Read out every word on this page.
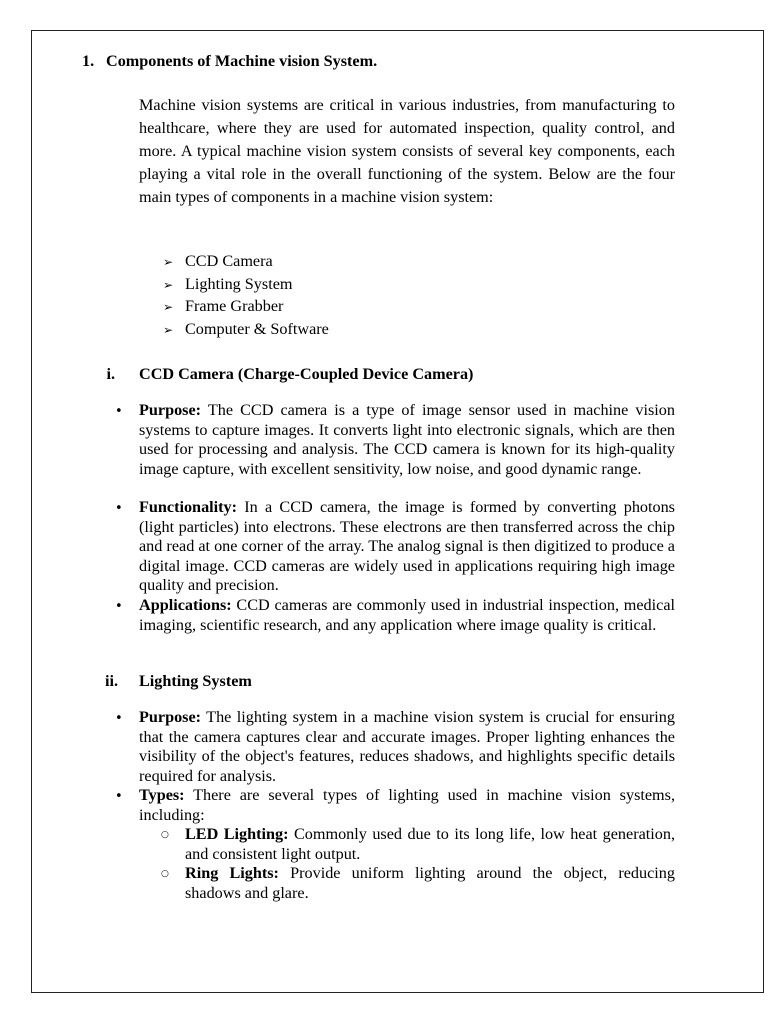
1. Components of Machine vision System.
Machine vision systems are critical in various industries, from manufacturing to healthcare, where they are used for automated inspection, quality control, and more. A typical machine vision system consists of several key components, each playing a vital role in the overall functioning of the system. Below are the four main types of components in a machine vision system:
➢ CCD Camera
➢ Lighting System
➢ Frame Grabber
➢ Computer & Software
i. CCD Camera (Charge-Coupled Device Camera)
• Purpose: The CCD camera is a type of image sensor used in machine vision systems to capture images. It converts light into electronic signals, which are then used for processing and analysis. The CCD camera is known for its high-quality image capture, with excellent sensitivity, low noise, and good dynamic range.
• Functionality: In a CCD camera, the image is formed by converting photons (light particles) into electrons. These electrons are then transferred across the chip and read at one corner of the array. The analog signal is then digitized to produce a digital image. CCD cameras are widely used in applications requiring high image quality and precision.
• Applications: CCD cameras are commonly used in industrial inspection, medical imaging, scientific research, and any application where image quality is critical.
ii. Lighting System
• Purpose: The lighting system in a machine vision system is crucial for ensuring that the camera captures clear and accurate images. Proper lighting enhances the visibility of the object's features, reduces shadows, and highlights specific details required for analysis.
• Types: There are several types of lighting used in machine vision systems, including:
○ LED Lighting: Commonly used due to its long life, low heat generation, and consistent light output.
○ Ring Lights: Provide uniform lighting around the object, reducing shadows and glare.
